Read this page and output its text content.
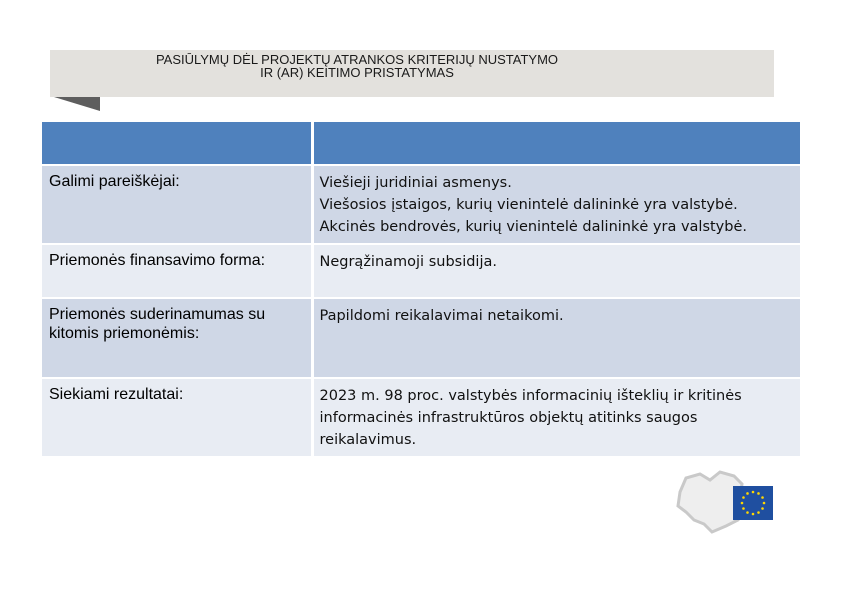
PASIŪLYMŲ DĖL PROJEKTŲ ATRANKOS KRITERIJŲ NUSTATYMO
IR (AR) KEITIMO PRISTATYMAS

Galimi pareiškėjai:	Viešieji juridiniai asmenys.
Viešosios įstaigos, kurių vienintelė dalininkė yra valstybė.
Akcinės bendrovės, kurių vienintelė dalininkė yra valstybė.

Priemonės finansavimo forma:	Negrąžinamoji subsidija.

Priemonės suderinamumas su kitomis priemonėmis:	Papildomi reikalavimai netaikomi.

Siekiami rezultatai:	2023 m. 98 proc. valstybės informacinių išteklių ir kritinės
informacinės infrastruktūros objektų atitinks saugos
reikalavimus.
